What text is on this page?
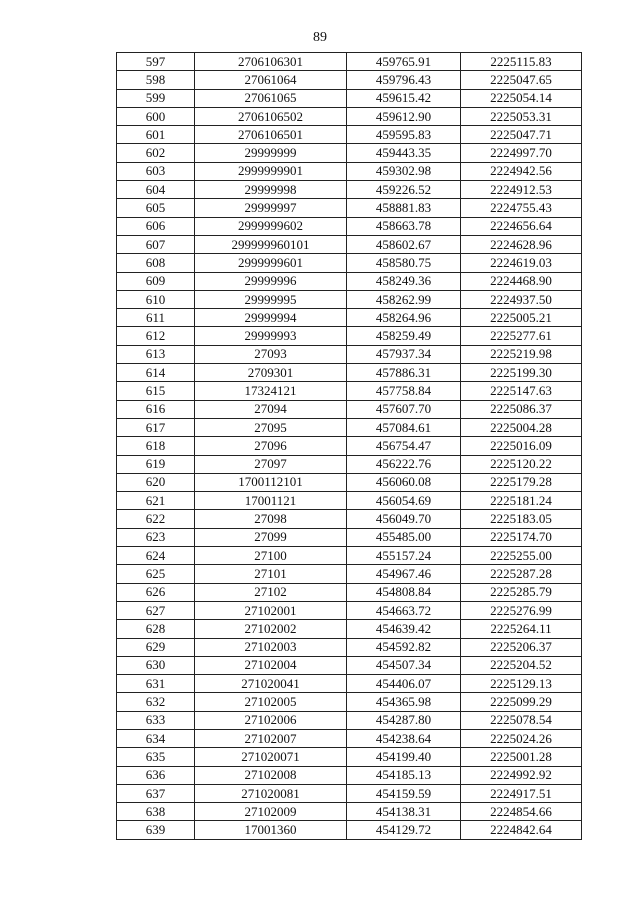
89
597	2706106301	459765.91	2225115.83
598	27061064	459796.43	2225047.65
599	27061065	459615.42	2225054.14
600	2706106502	459612.90	2225053.31
601	2706106501	459595.83	2225047.71
602	29999999	459443.35	2224997.70
603	2999999901	459302.98	2224942.56
604	29999998	459226.52	2224912.53
605	29999997	458881.83	2224755.43
606	2999999602	458663.78	2224656.64
607	299999960101	458602.67	2224628.96
608	2999999601	458580.75	2224619.03
609	29999996	458249.36	2224468.90
610	29999995	458262.99	2224937.50
611	29999994	458264.96	2225005.21
612	29999993	458259.49	2225277.61
613	27093	457937.34	2225219.98
614	2709301	457886.31	2225199.30
615	17324121	457758.84	2225147.63
616	27094	457607.70	2225086.37
617	27095	457084.61	2225004.28
618	27096	456754.47	2225016.09
619	27097	456222.76	2225120.22
620	1700112101	456060.08	2225179.28
621	17001121	456054.69	2225181.24
622	27098	456049.70	2225183.05
623	27099	455485.00	2225174.70
624	27100	455157.24	2225255.00
625	27101	454967.46	2225287.28
626	27102	454808.84	2225285.79
627	27102001	454663.72	2225276.99
628	27102002	454639.42	2225264.11
629	27102003	454592.82	2225206.37
630	27102004	454507.34	2225204.52
631	271020041	454406.07	2225129.13
632	27102005	454365.98	2225099.29
633	27102006	454287.80	2225078.54
634	27102007	454238.64	2225024.26
635	271020071	454199.40	2225001.28
636	27102008	454185.13	2224992.92
637	271020081	454159.59	2224917.51
638	27102009	454138.31	2224854.66
639	17001360	454129.72	2224842.64
